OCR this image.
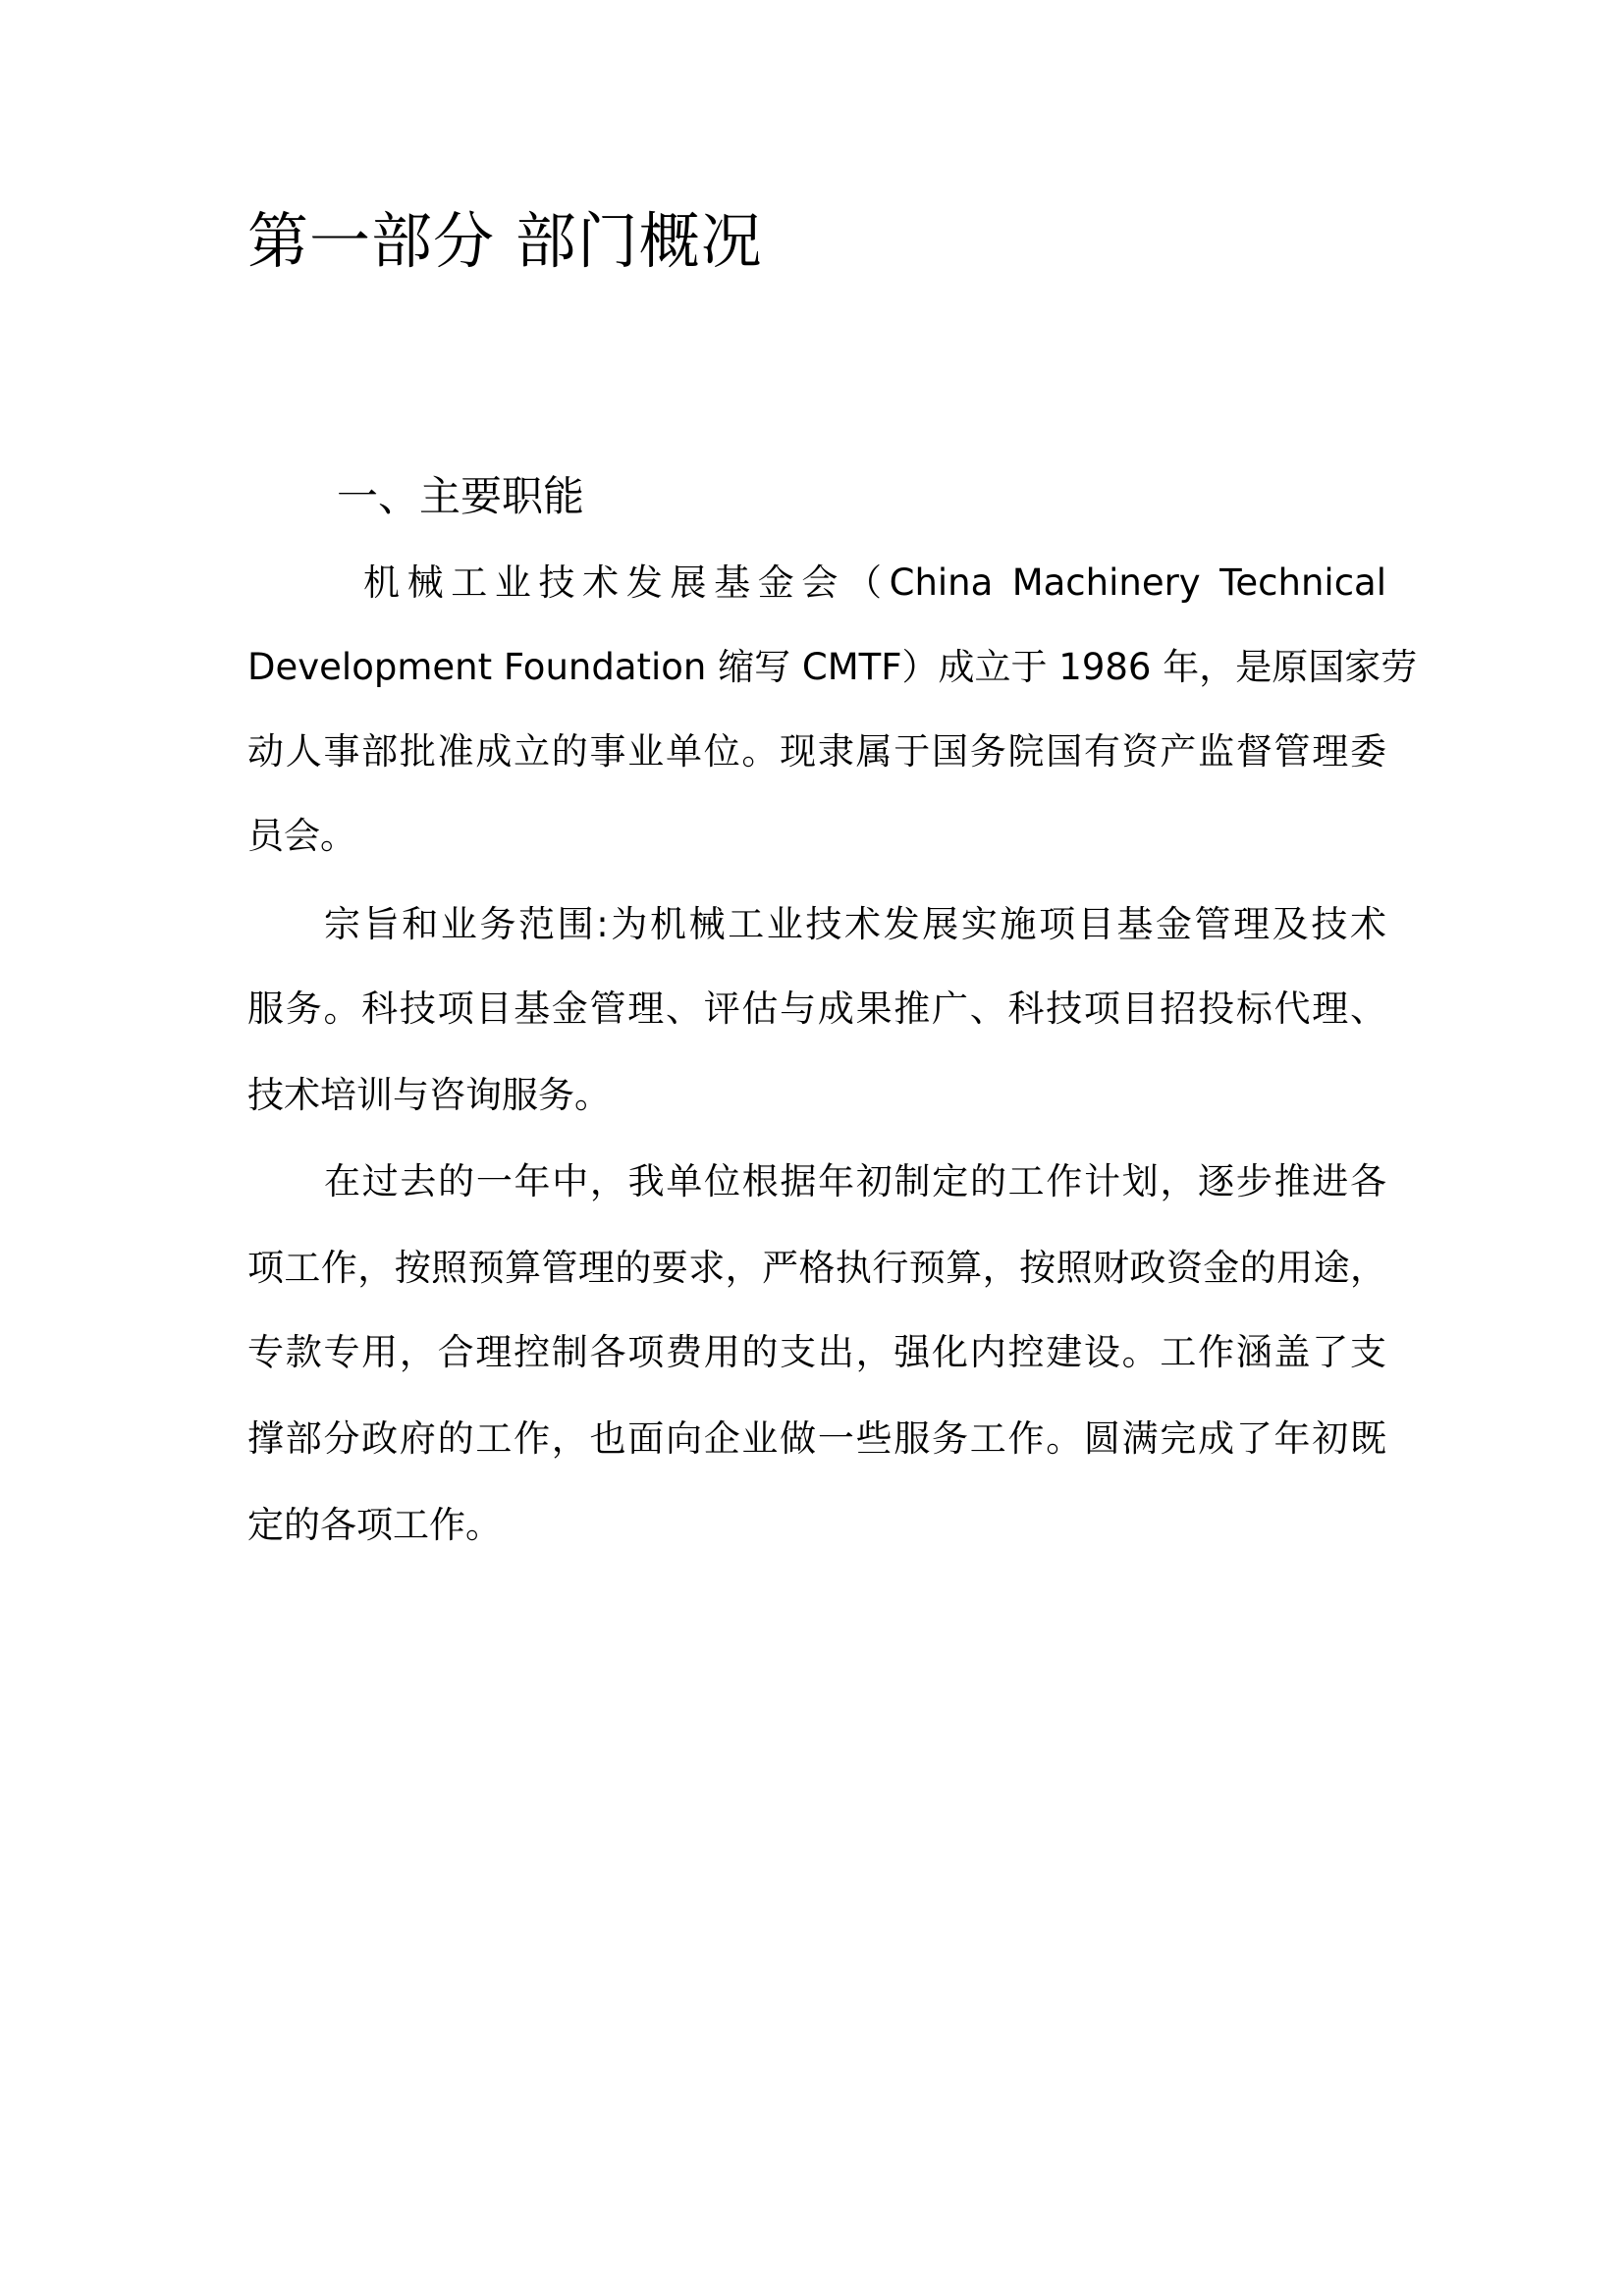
第一部分 部门概况
一、主要职能

机械工业技术发展基金会（China Machinery Technical

Development Foundation 缩写 CMTF）成立于 1986 年，是原国家劳

动人事部批准成立的事业单位。现隶属于国务院国有资产监督管理委

员会。

宗旨和业务范围:为机械工业技术发展实施项目基金管理及技术

服务。科技项目基金管理、评估与成果推广、科技项目招投标代理、

技术培训与咨询服务。

在过去的一年中，我单位根据年初制定的工作计划，逐步推进各

项工作，按照预算管理的要求，严格执行预算，按照财政资金的用途，

专款专用，合理控制各项费用的支出，强化内控建设。工作涵盖了支

撑部分政府的工作，也面向企业做一些服务工作。圆满完成了年初既

定的各项工作。
